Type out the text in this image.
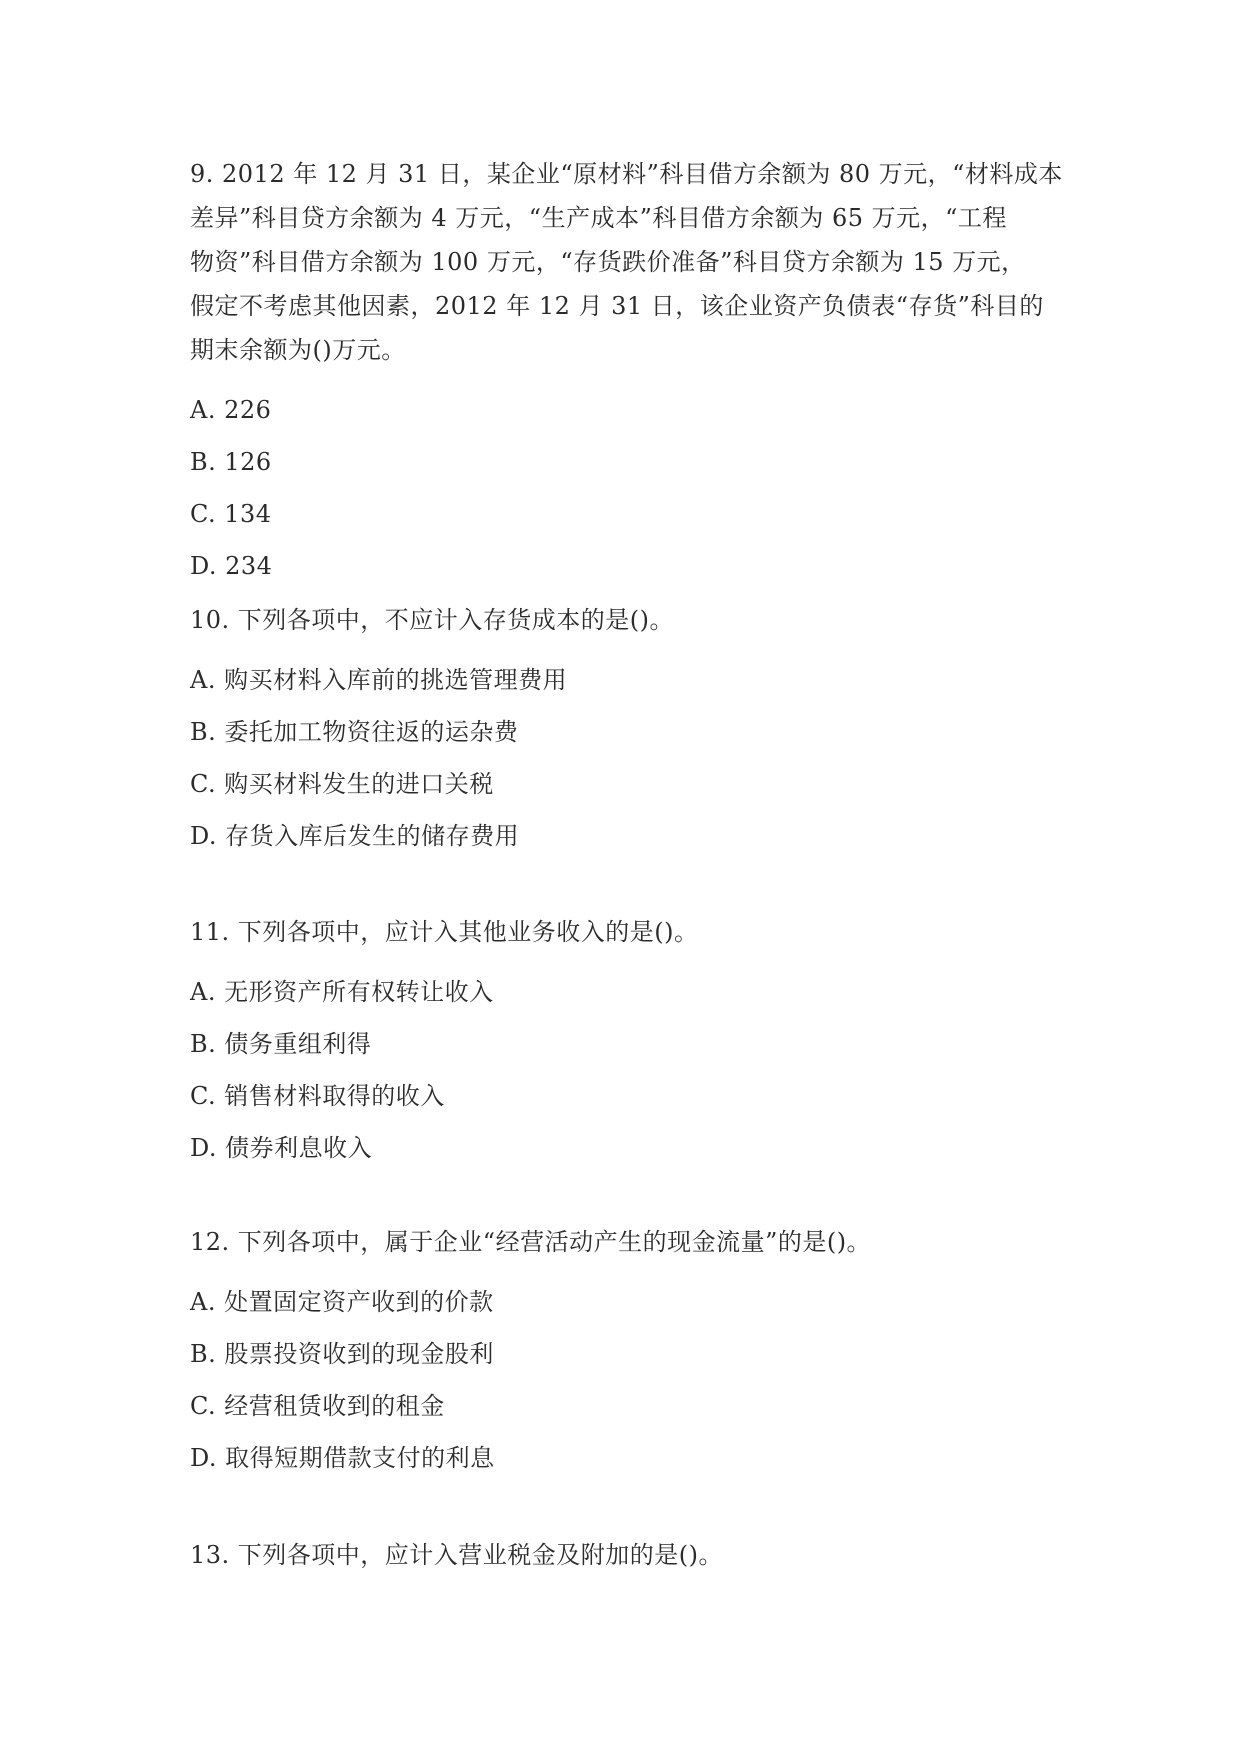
9. 2012 年 12 月 31 日，某企业“原材料”科目借方余额为 80 万元，“材料成本
差异”科目贷方余额为 4 万元，“生产成本”科目借方余额为 65 万元，“工程
物资”科目借方余额为 100 万元，“存货跌价准备”科目贷方余额为 15 万元，
假定不考虑其他因素，2012 年 12 月 31 日，该企业资产负债表“存货”科目的
期末余额为()万元。

A. 226
B. 126
C. 134
D. 234

10. 下列各项中，不应计入存货成本的是()。

A. 购买材料入库前的挑选管理费用
B. 委托加工物资往返的运杂费
C. 购买材料发生的进口关税
D. 存货入库后发生的储存费用

11. 下列各项中，应计入其他业务收入的是()。

A. 无形资产所有权转让收入
B. 债务重组利得
C. 销售材料取得的收入
D. 债券利息收入

12. 下列各项中，属于企业“经营活动产生的现金流量”的是()。

A. 处置固定资产收到的价款
B. 股票投资收到的现金股利
C. 经营租赁收到的租金
D. 取得短期借款支付的利息

13. 下列各项中，应计入营业税金及附加的是()。
